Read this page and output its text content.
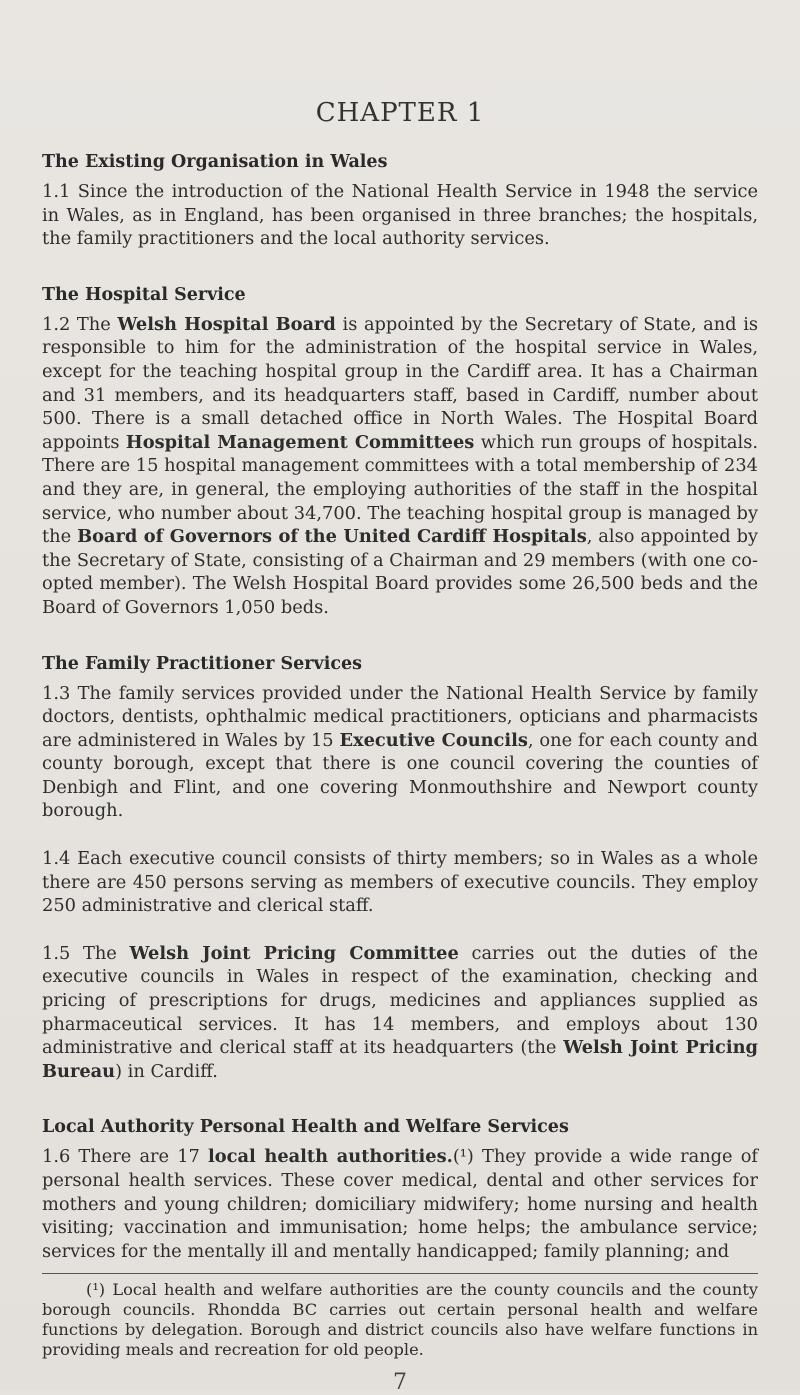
CHAPTER 1
The Existing Organisation in Wales

1.1 Since the introduction of the National Health Service in 1948 the service in Wales, as in England, has been organised in three branches; the hospitals, the family practitioners and the local authority services.

The Hospital Service

1.2 The Welsh Hospital Board is appointed by the Secretary of State, and is responsible to him for the administration of the hospital service in Wales, except for the teaching hospital group in the Cardiff area. It has a Chairman and 31 members, and its headquarters staff, based in Cardiff, number about 500. There is a small detached office in North Wales. The Hospital Board appoints Hospital Management Committees which run groups of hospitals. There are 15 hospital management committees with a total membership of 234 and they are, in general, the employing authorities of the staff in the hospital service, who number about 34,700. The teaching hospital group is managed by the Board of Governors of the United Cardiff Hospitals, also appointed by the Secretary of State, consisting of a Chairman and 29 members (with one co-opted member). The Welsh Hospital Board provides some 26,500 beds and the Board of Governors 1,050 beds.

The Family Practitioner Services

1.3 The family services provided under the National Health Service by family doctors, dentists, ophthalmic medical practitioners, opticians and pharmacists are administered in Wales by 15 Executive Councils, one for each county and county borough, except that there is one council covering the counties of Denbigh and Flint, and one covering Monmouthshire and Newport county borough.

1.4 Each executive council consists of thirty members; so in Wales as a whole there are 450 persons serving as members of executive councils. They employ 250 administrative and clerical staff.

1.5 The Welsh Joint Pricing Committee carries out the duties of the executive councils in Wales in respect of the examination, checking and pricing of prescriptions for drugs, medicines and appliances supplied as pharmaceutical services. It has 14 members, and employs about 130 administrative and clerical staff at its headquarters (the Welsh Joint Pricing Bureau) in Cardiff.

Local Authority Personal Health and Welfare Services

1.6 There are 17 local health authorities.(¹) They provide a wide range of personal health services. These cover medical, dental and other services for mothers and young children; domiciliary midwifery; home nursing and health visiting; vaccination and immunisation; home helps; the ambulance service; services for the mentally ill and mentally handicapped; family planning; and

(¹) Local health and welfare authorities are the county councils and the county borough councils. Rhondda BC carries out certain personal health and welfare functions by delegation. Borough and district councils also have welfare functions in providing meals and recreation for old people.

7
